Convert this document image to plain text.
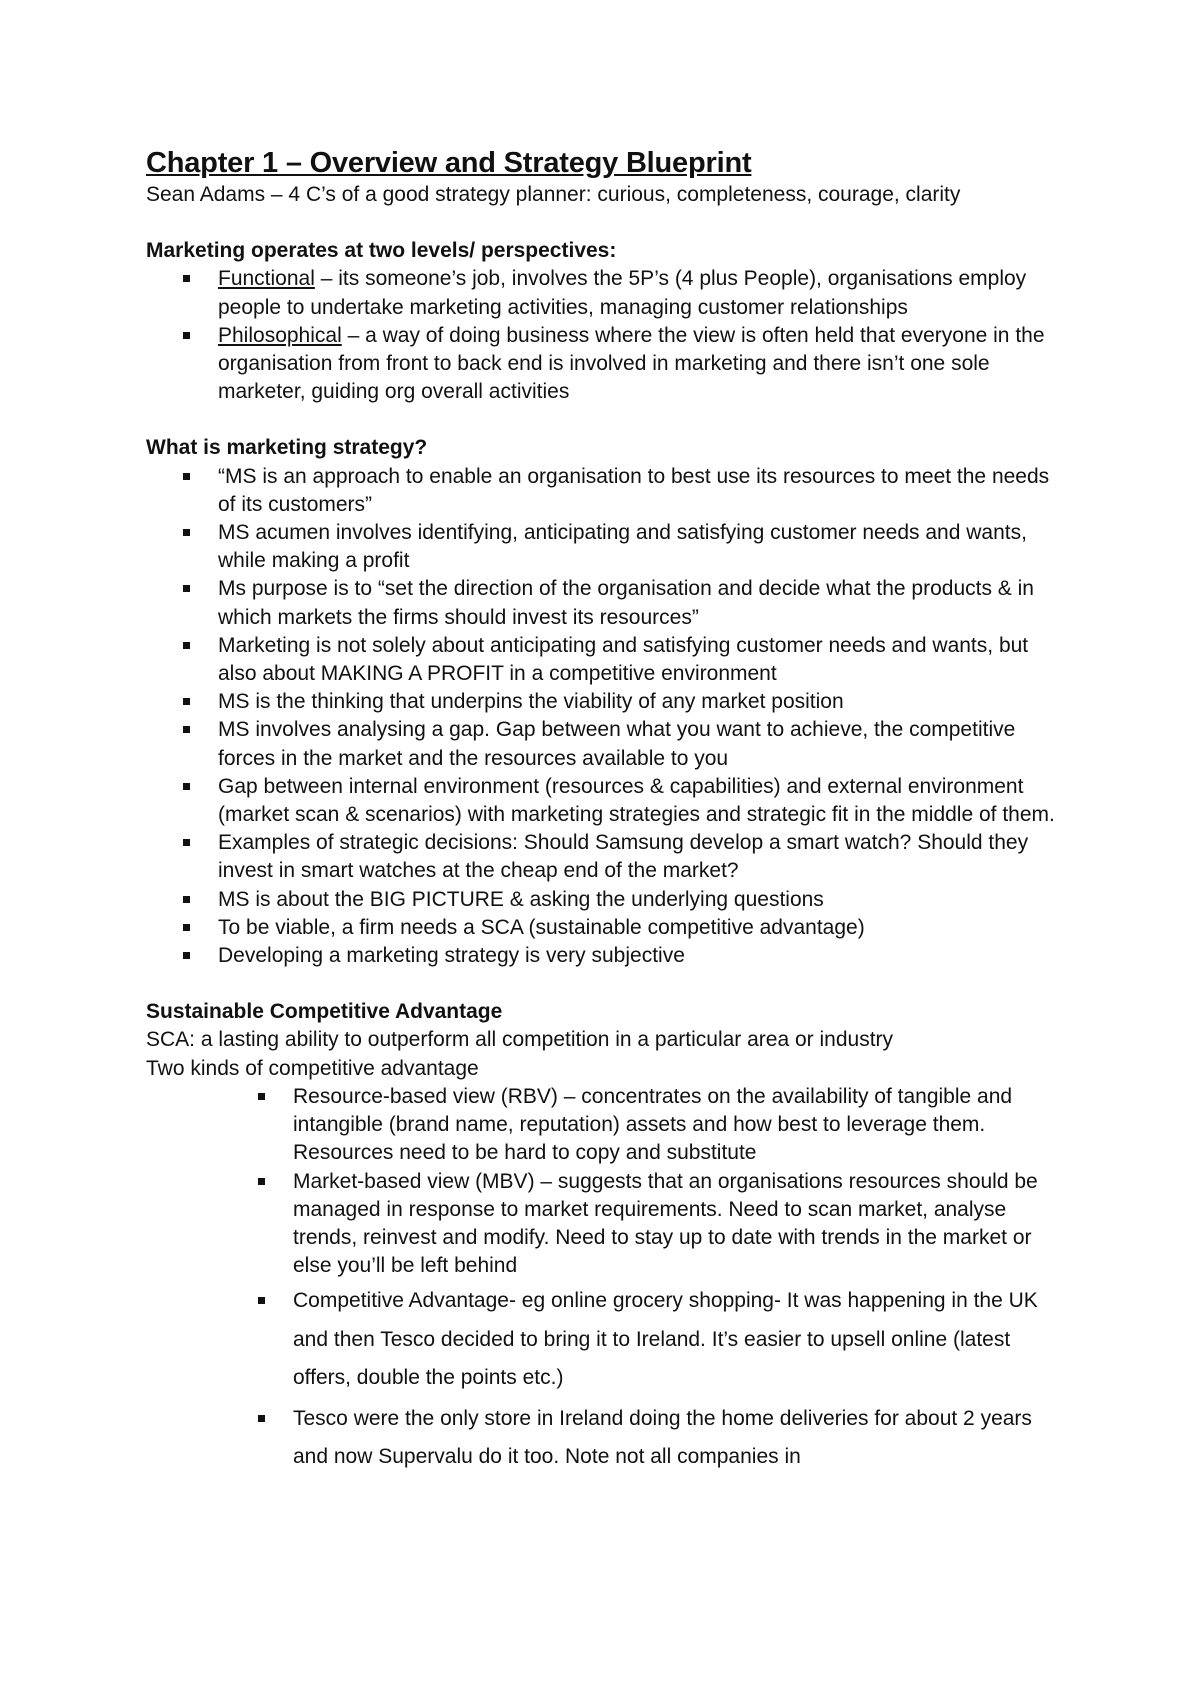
Chapter 1 – Overview and Strategy Blueprint

Sean Adams – 4 C’s of a good strategy planner: curious, completeness, courage, clarity

Marketing operates at two levels/ perspectives:

Functional – its someone’s job, involves the 5P’s (4 plus People), organisations employ people to undertake marketing activities, managing customer relationships
Philosophical – a way of doing business where the view is often held that everyone in the organisation from front to back end is involved in marketing and there isn’t one sole marketer, guiding org overall activities

What is marketing strategy?

“MS is an approach to enable an organisation to best use its resources to meet the needs of its customers”
MS acumen involves identifying, anticipating and satisfying customer needs and wants, while making a profit
Ms purpose is to “set the direction of the organisation and decide what the products & in which markets the firms should invest its resources”
Marketing is not solely about anticipating and satisfying customer needs and wants, but also about MAKING A PROFIT in a competitive environment
MS is the thinking that underpins the viability of any market position
MS involves analysing a gap. Gap between what you want to achieve, the competitive forces in the market and the resources available to you
Gap between internal environment (resources & capabilities) and external environment (market scan & scenarios) with marketing strategies and strategic fit in the middle of them.
Examples of strategic decisions: Should Samsung develop a smart watch? Should they invest in smart watches at the cheap end of the market?
MS is about the BIG PICTURE & asking the underlying questions
To be viable, a firm needs a SCA (sustainable competitive advantage)
Developing a marketing strategy is very subjective

Sustainable Competitive Advantage

SCA: a lasting ability to outperform all competition in a particular area or industry

Two kinds of competitive advantage

Resource-based view (RBV) – concentrates on the availability of tangible and intangible (brand name, reputation) assets and how best to leverage them. Resources need to be hard to copy and substitute
Market-based view (MBV) – suggests that an organisations resources should be managed in response to market requirements. Need to scan market, analyse trends, reinvest and modify. Need to stay up to date with trends in the market or else you’ll be left behind
Competitive Advantage- eg online grocery shopping- It was happening in the UK and then Tesco decided to bring it to Ireland. It’s easier to upsell online (latest offers, double the points etc.)
Tesco were the only store in Ireland doing the home deliveries for about 2 years and now Supervalu do it too. Note not all companies in
